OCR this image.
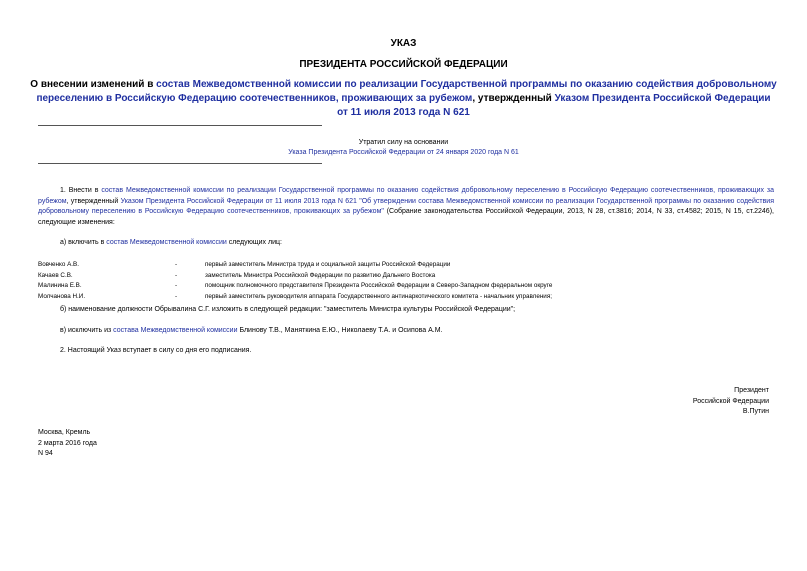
УКАЗ
ПРЕЗИДЕНТА РОССИЙСКОЙ ФЕДЕРАЦИИ
О внесении изменений в состав Межведомственной комиссии по реализации Государственной программы по оказанию содействия добровольному переселению в Российскую Федерацию соотечественников, проживающих за рубежом, утвержденный Указом Президента Российской Федерации от 11 июля 2013 года N 621
Утратил силу на основании
Указа Президента Российской Федерации от 24 января 2020 года N 61
1. Внести в состав Межведомственной комиссии по реализации Государственной программы по оказанию содействия добровольному переселению в Российскую Федерацию соотечественников, проживающих за рубежом, утвержденный Указом Президента Российской Федерации от 11 июля 2013 года N 621 "Об утверждении состава Межведомственной комиссии по реализации Государственной программы по оказанию содействия добровольному переселению в Российскую Федерацию соотечественников, проживающих за рубежом" (Собрание законодательства Российской Федерации, 2013, N 28, ст.3816; 2014, N 33, ст.4582; 2015, N 15, ст.2246), следующие изменения:
а) включить в состав Межведомственной комиссии следующих лиц:
Вовченко А.В.	-	первый заместитель Министра труда и социальной защиты Российской Федерации
Качаев С.В.	-	заместитель Министра Российской Федерации по развитию Дальнего Востока
Малинина Е.В.	-	помощник полномочного представителя Президента Российской Федерации в Северо-Западном федеральном округе
Молчанова Н.И.	-	первый заместитель руководителя аппарата Государственного антинаркотического комитета - начальник управления;
б) наименование должности Обрывалина С.Г. изложить в следующей редакции: "заместитель Министра культуры Российской Федерации";
в) исключить из состава Межведомственной комиссии Блинову Т.В., Маняткина Е.Ю., Николаеву Т.А. и Осипова А.М.
2. Настоящий Указ вступает в силу со дня его подписания.
Президент
Российской Федерации
В.Путин
Москва, Кремль
2 марта 2016 года
N 94
